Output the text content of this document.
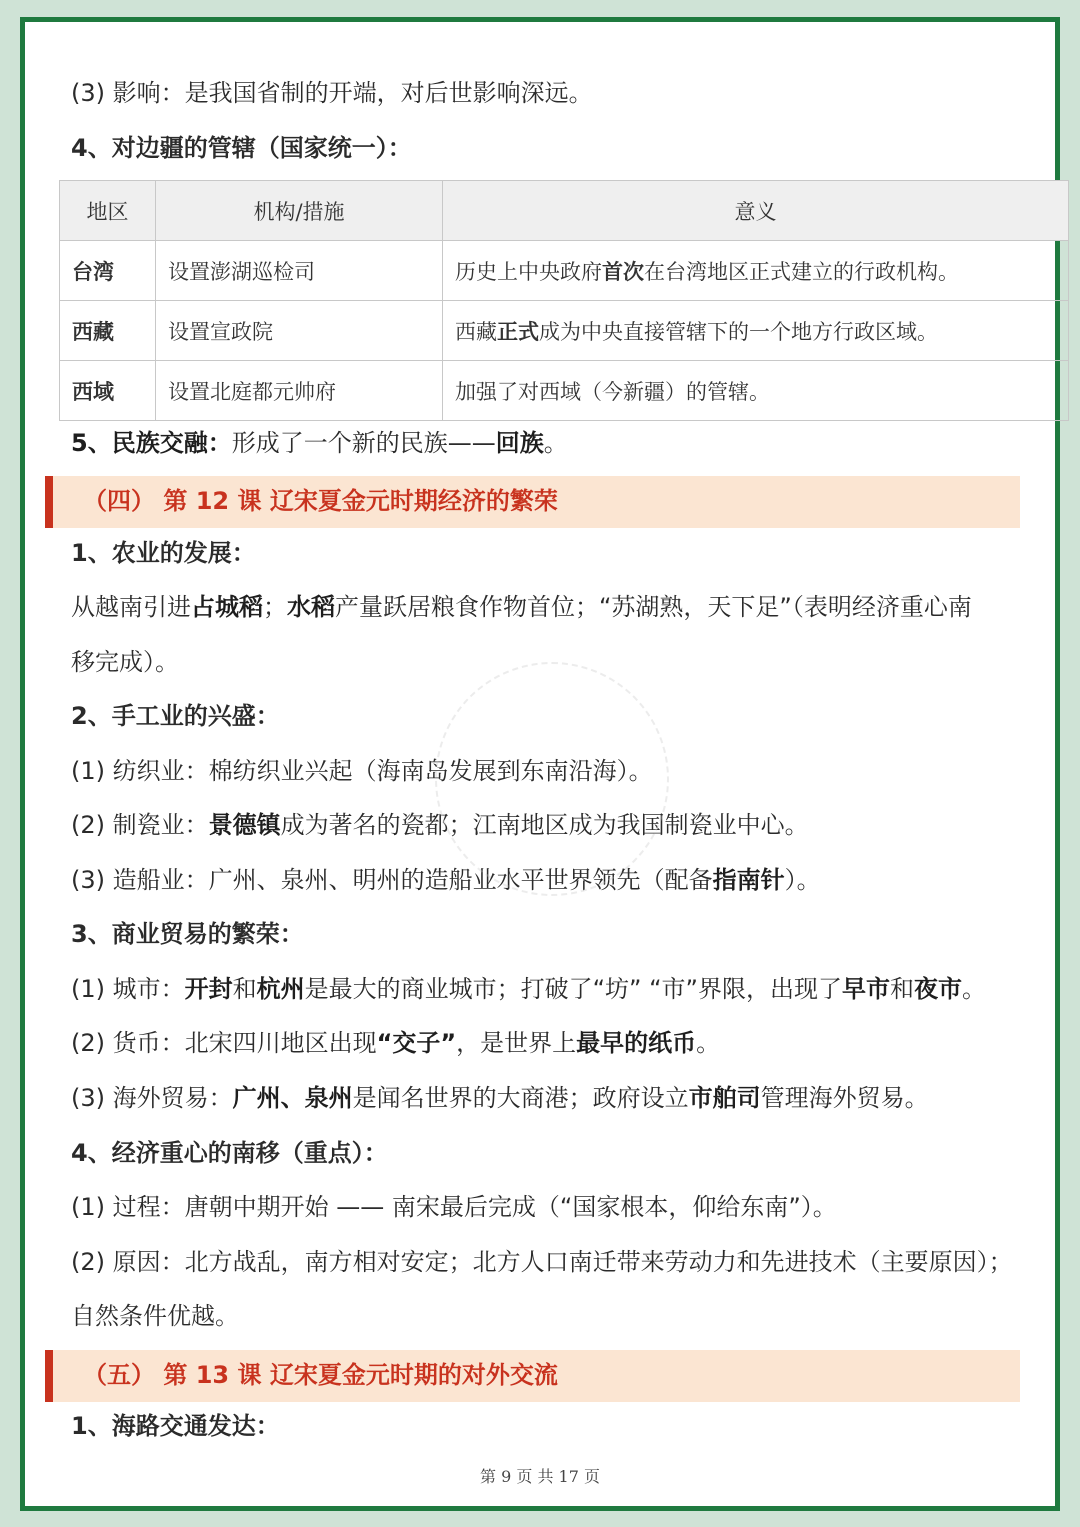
(3) 影响：是我国省制的开端，对后世影响深远。
4、对边疆的管辖（国家统一）：
地区	机构/措施	意义
台湾	设置澎湖巡检司	历史上中央政府首次在台湾地区正式建立的行政机构。
西藏	设置宣政院	西藏正式成为中央直接管辖下的一个地方行政区域。
西域	设置北庭都元帅府	加强了对西域（今新疆）的管辖。
5、民族交融：形成了一个新的民族——回族。
（四） 第 12 课 辽宋夏金元时期经济的繁荣
1、农业的发展：
从越南引进占城稻；水稻产量跃居粮食作物首位；“苏湖熟，天下足”（表明经济重心南
移完成）。
2、手工业的兴盛：
(1) 纺织业：棉纺织业兴起（海南岛发展到东南沿海）。
(2) 制瓷业：景德镇成为著名的瓷都；江南地区成为我国制瓷业中心。
(3) 造船业：广州、泉州、明州的造船业水平世界领先（配备指南针）。
3、商业贸易的繁荣：
(1) 城市：开封和杭州是最大的商业城市；打破了“坊” “市”界限，出现了早市和夜市。
(2) 货币：北宋四川地区出现“交子”，是世界上最早的纸币。
(3) 海外贸易：广州、泉州是闻名世界的大商港；政府设立市舶司管理海外贸易。
4、经济重心的南移（重点）：
(1) 过程：唐朝中期开始 —— 南宋最后完成（“国家根本，仰给东南”）。
(2) 原因：北方战乱，南方相对安定；北方人口南迁带来劳动力和先进技术（主要原因）；
自然条件优越。
（五） 第 13 课 辽宋夏金元时期的对外交流
1、海路交通发达：
第 9 页 共 17 页
